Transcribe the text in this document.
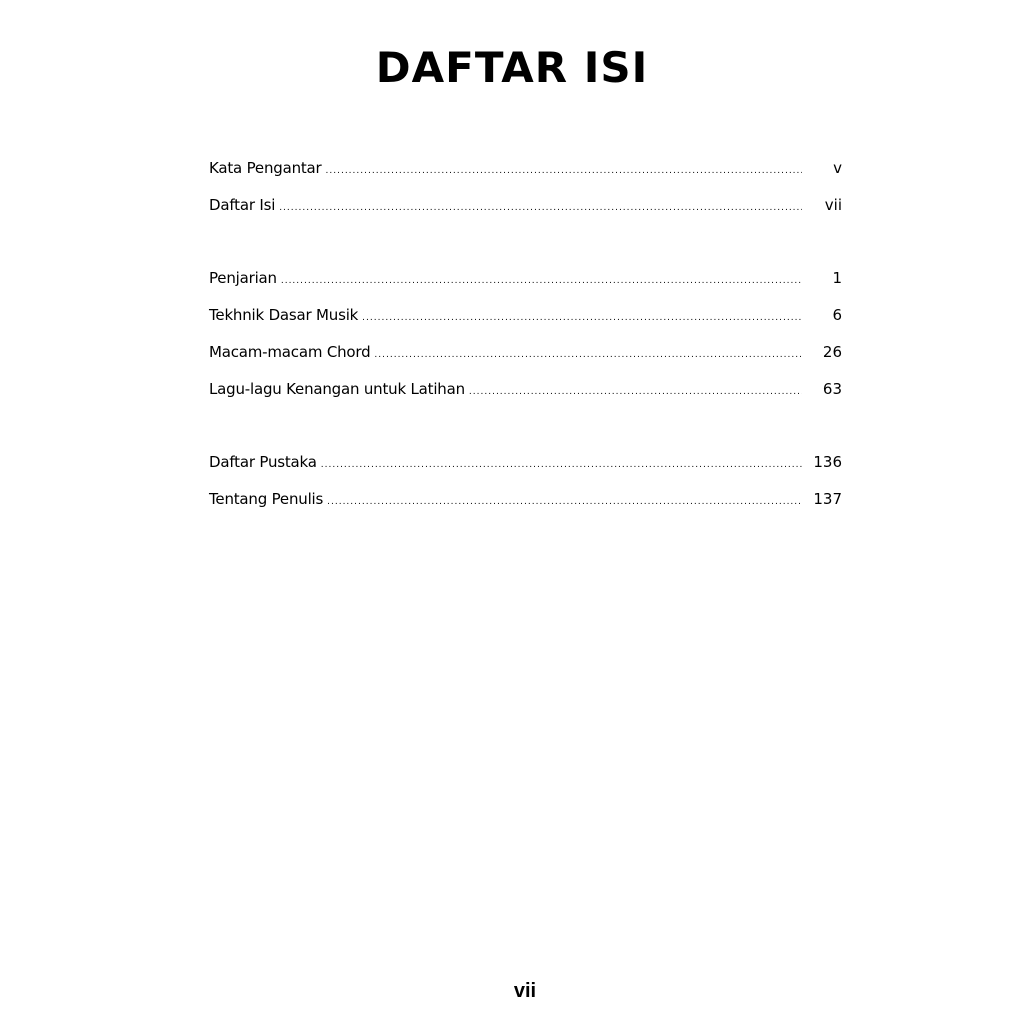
DAFTAR ISI
Kata Pengantar .....	v
Daftar Isi .....	vii
Penjarian .....	1
Tekhnik Dasar Musik .....	6
Macam-macam Chord .....	26
Lagu-lagu Kenangan untuk Latihan .....	63
Daftar Pustaka .....	136
Tentang Penulis .....	137
vii
